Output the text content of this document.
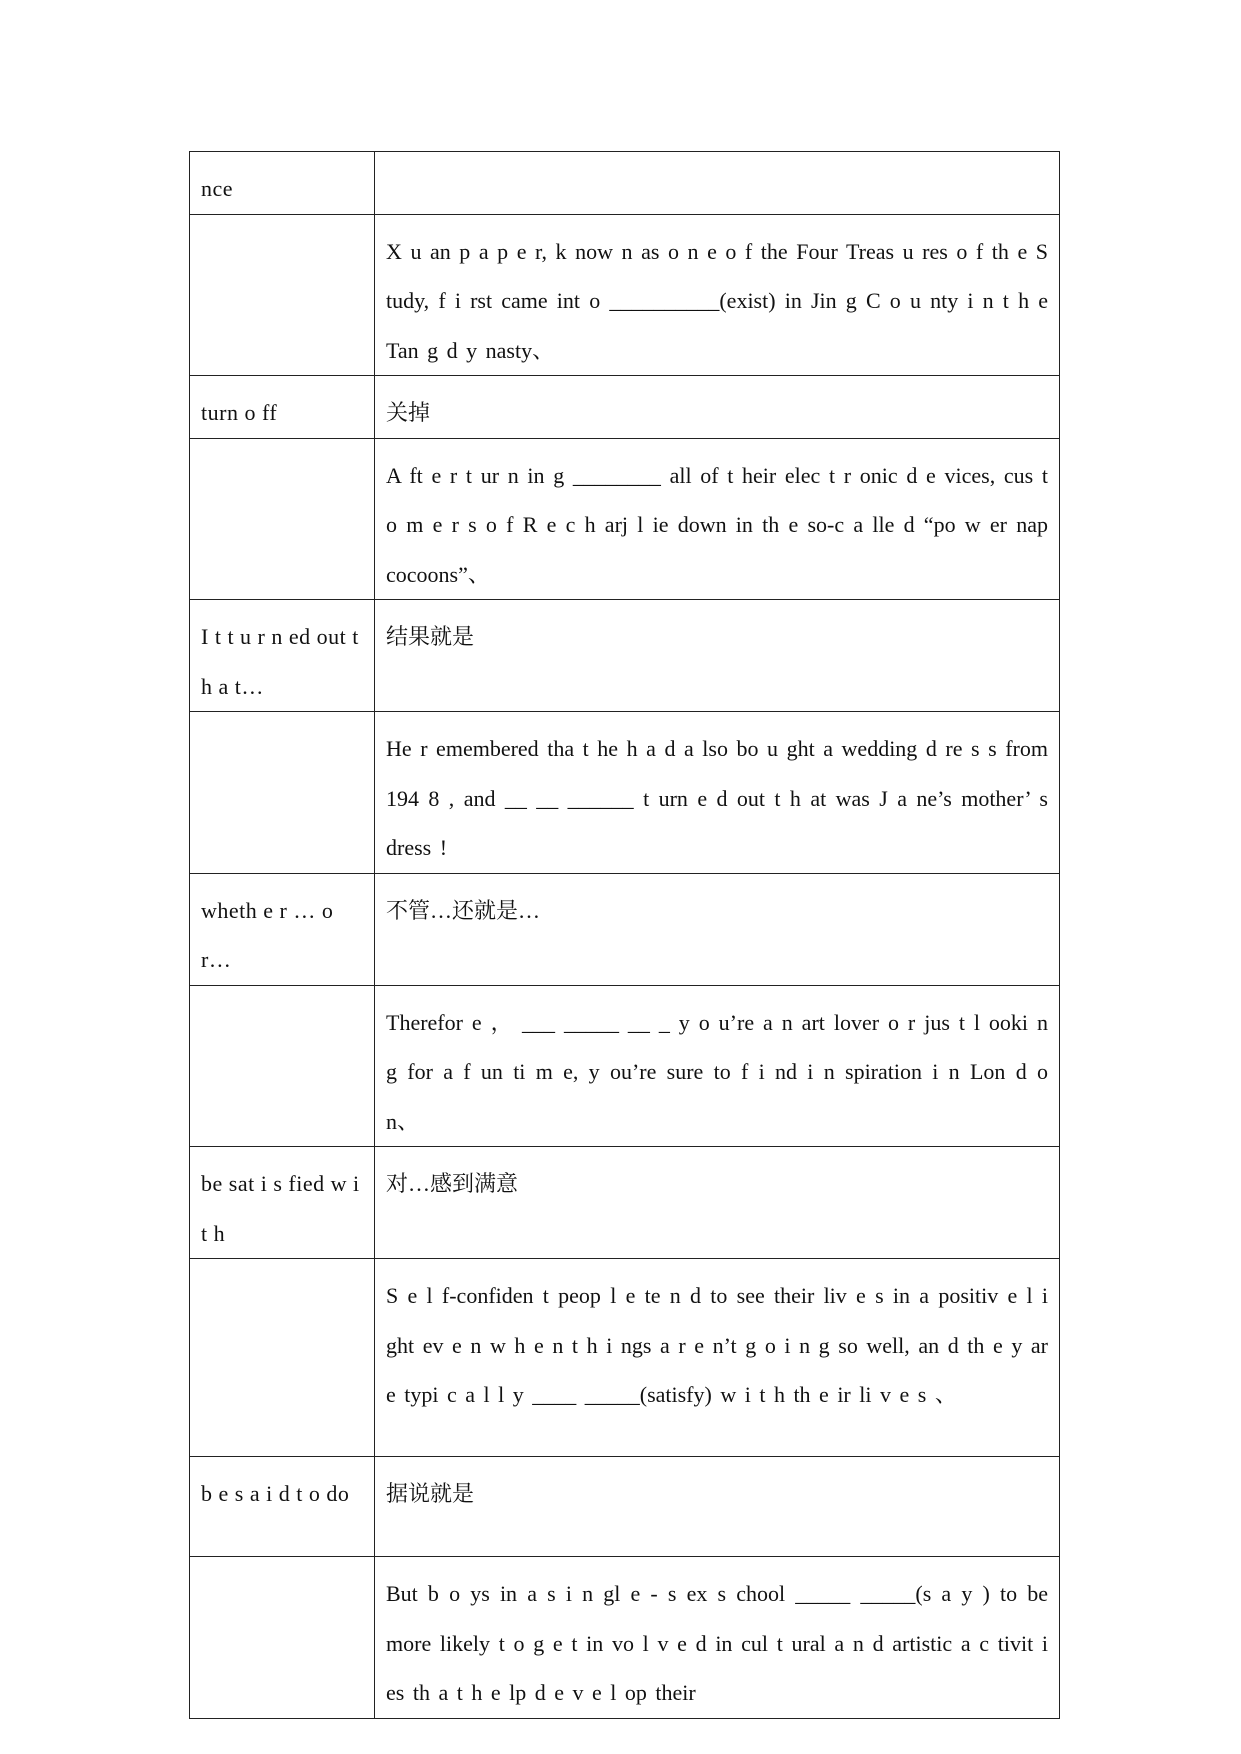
nce	
	X u an p a p e r, k now n as o n e o f the Four Treas u res o f th e S tudy, f i rst came int o __________(exist) in Jin g C o u nty i n t h e Tan g d y nasty、
turn o ff	关掉
	A ft e r t ur n in g ________ all of t heir elec t r onic d e vices, cus t o m e r s o f R e c h arj l ie down in th e so-c a lle d “po w er nap cocoons”、
I t t u r n ed out t h a t…	结果就是
	He r emembered tha t he h a d a lso bo u ght a wedding d re s s from 194 8 , and __ __ ______ t urn e d out t h at was J a ne’s mother’ s dress !
wheth e r … o r…	不管…还就是…
	Therefor e ， ___ _____ __ _ y o u’re a n art lover o r jus t l ooki n g for a f un ti m e, y ou’re sure to f i nd i n spiration i n Lon d o n、
be sat i s fied w i t h	对…感到满意
	S e l f-confiden t peop l e te n d to see their liv e s in a positiv e l i ght ev e n w h e n t h i ngs a r e n’t g o i n g so well, an d th e y ar e typi c a l l y ____ _____(satisfy) w i t h th e ir li v e s 、
b e s a i d t o do	据说就是
	But b o ys in a s i n gl e - s ex s chool _____ _____(s a y ) to be more likely t o g e t in vo l v e d in cul t ural a n d artistic a c tivit i es th a t h e lp d e v e l op their
